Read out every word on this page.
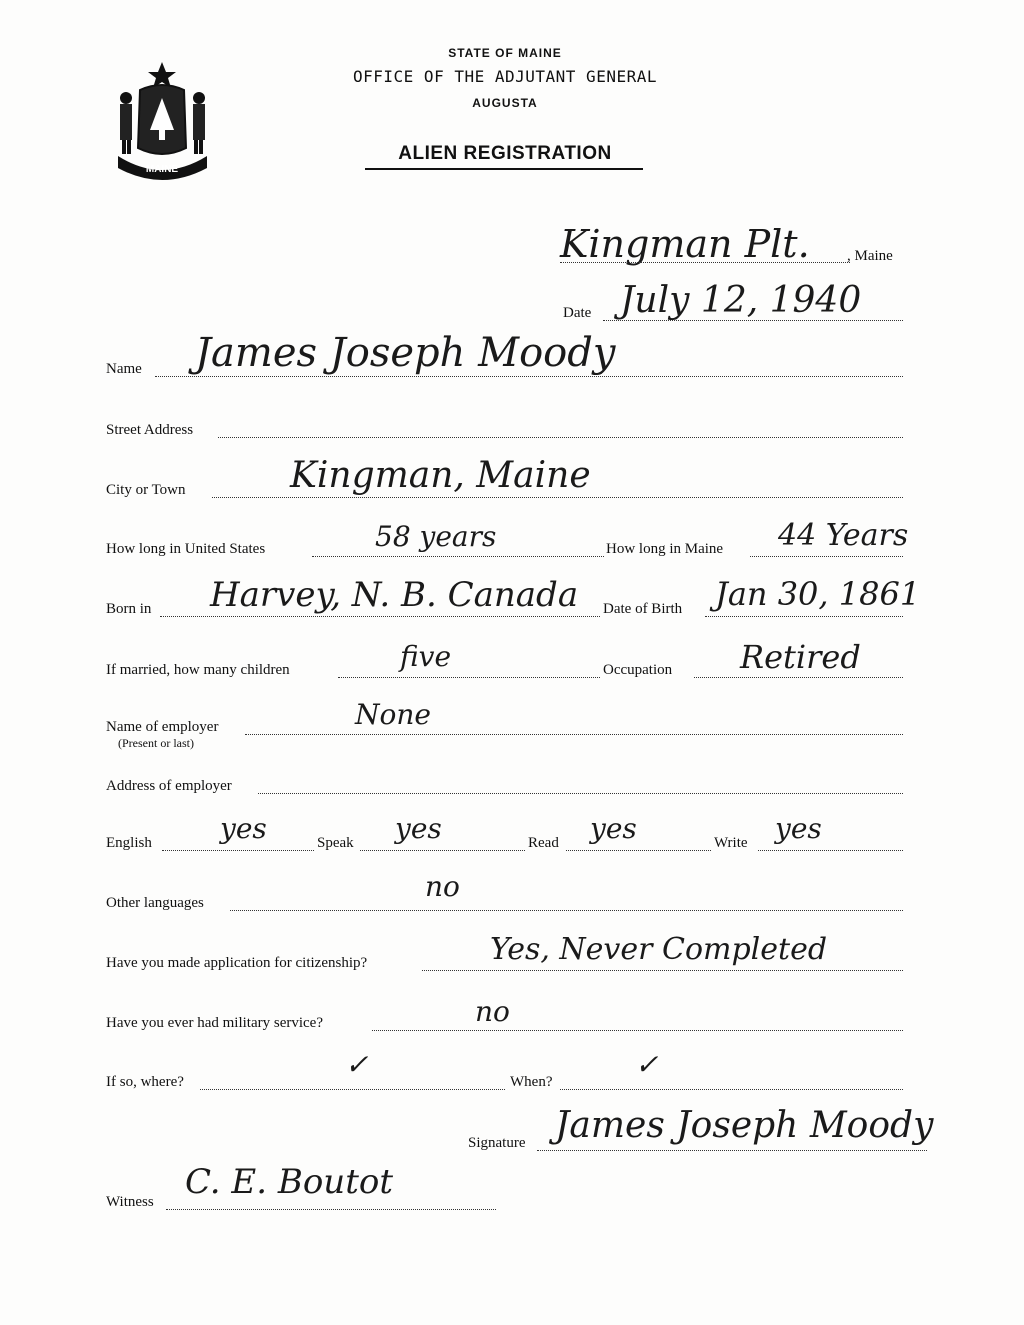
MAINE
STATE OF MAINE
OFFICE OF THE ADJUTANT GENERAL
AUGUSTA
ALIEN REGISTRATION
Kingman Plt. , Maine
Date July 12, 1940
Name James Joseph Moody
Street Address
City or Town	Kingman, Maine
How long in United States	58 years	How long in Maine 44 Years
Born in Harvey, N. B. Canada Date of Birth Jan 30, 1861
If married, how many children	five	Occupation Retired
Name of employer
(Present or last)
None
Address of employer
English yes	Speak yes	Read yes	Write yes
Other languages	no
Have you made application for citizenship?	Yes, Never Completed
Have you ever had military service?	no
If so, where?
✓
When?
✓
Signature James Joseph Moody
Witness C. E. Boutot
